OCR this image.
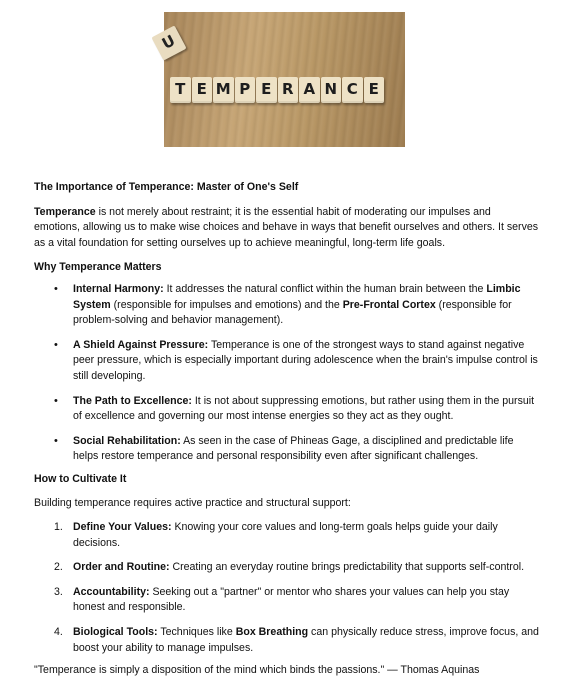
U
T E M P E R A N C E

The Importance of Temperance: Master of One's Self

Temperance is not merely about restraint; it is the essential habit of moderating our impulses and emotions, allowing us to make wise choices and behave in ways that benefit ourselves and others. It serves as a vital foundation for setting ourselves up to achieve meaningful, long-term life goals.

Why Temperance Matters

• Internal Harmony: It addresses the natural conflict within the human brain between the Limbic System (responsible for impulses and emotions) and the Pre-Frontal Cortex (responsible for problem-solving and behavior management).
• A Shield Against Pressure: Temperance is one of the strongest ways to stand against negative peer pressure, which is especially important during adolescence when the brain's impulse control is still developing.
• The Path to Excellence: It is not about suppressing emotions, but rather using them in the pursuit of excellence and governing our most intense energies so they act as they ought.
• Social Rehabilitation: As seen in the case of Phineas Gage, a disciplined and predictable life helps restore temperance and personal responsibility even after significant challenges.

How to Cultivate It

Building temperance requires active practice and structural support:

1. Define Your Values: Knowing your core values and long-term goals helps guide your daily decisions.
2. Order and Routine: Creating an everyday routine brings predictability that supports self-control.
3. Accountability: Seeking out a "partner" or mentor who shares your values can help you stay honest and responsible.
4. Biological Tools: Techniques like Box Breathing can physically reduce stress, improve focus, and boost your ability to manage impulses.

"Temperance is simply a disposition of the mind which binds the passions." — Thomas Aquinas
